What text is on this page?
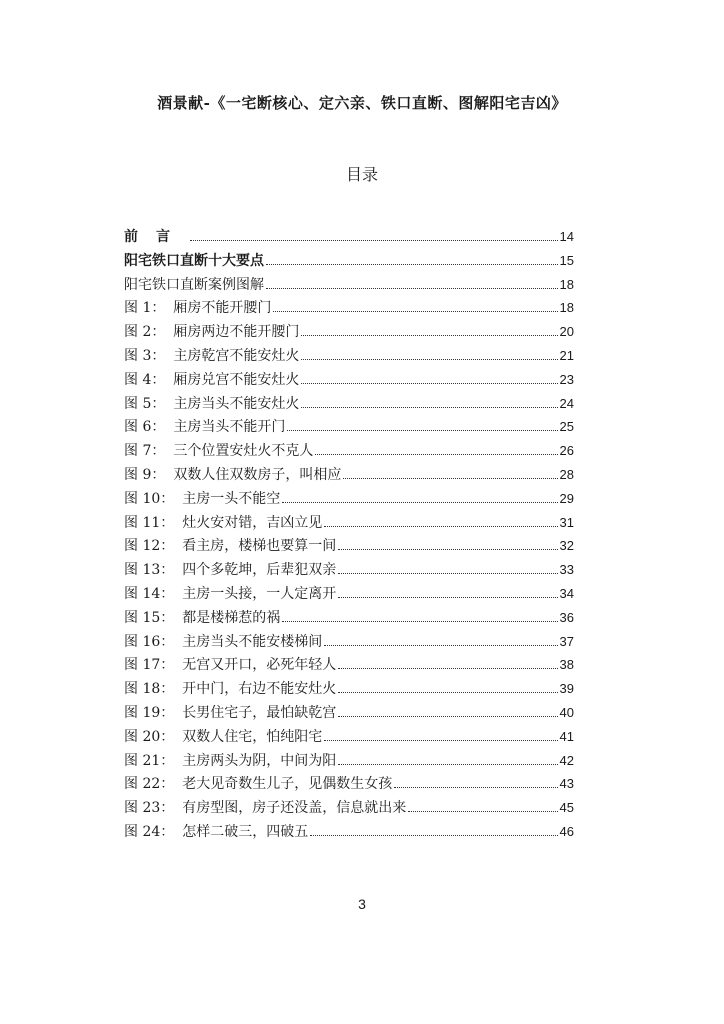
酒景献-《一宅断核心、定六亲、铁口直断、图解阳宅吉凶》
目录
前言	14
阳宅铁口直断十大要点	15
阳宅铁口直断案例图解	18
图 1： 厢房不能开腰门	18
图 2： 厢房两边不能开腰门	20
图 3： 主房乾宫不能安灶火	21
图 4： 厢房兑宫不能安灶火	23
图 5： 主房当头不能安灶火	24
图 6： 主房当头不能开门	25
图 7： 三个位置安灶火不克人	26
图 9： 双数人住双数房子，叫相应	28
图 10： 主房一头不能空	29
图 11： 灶火安对错，吉凶立见	31
图 12： 看主房，楼梯也要算一间	32
图 13： 四个多乾坤，后辈犯双亲	33
图 14： 主房一头接，一人定离开	34
图 15： 都是楼梯惹的祸	36
图 16： 主房当头不能安楼梯间	37
图 17： 无宫又开口，必死年轻人	38
图 18： 开中门，右边不能安灶火	39
图 19： 长男住宅子，最怕缺乾宫	40
图 20： 双数人住宅，怕纯阳宅	41
图 21： 主房两头为阴，中间为阳	42
图 22： 老大见奇数生儿子，见偶数生女孩	43
图 23： 有房型图，房子还没盖，信息就出来	45
图 24： 怎样二破三，四破五	46
3
